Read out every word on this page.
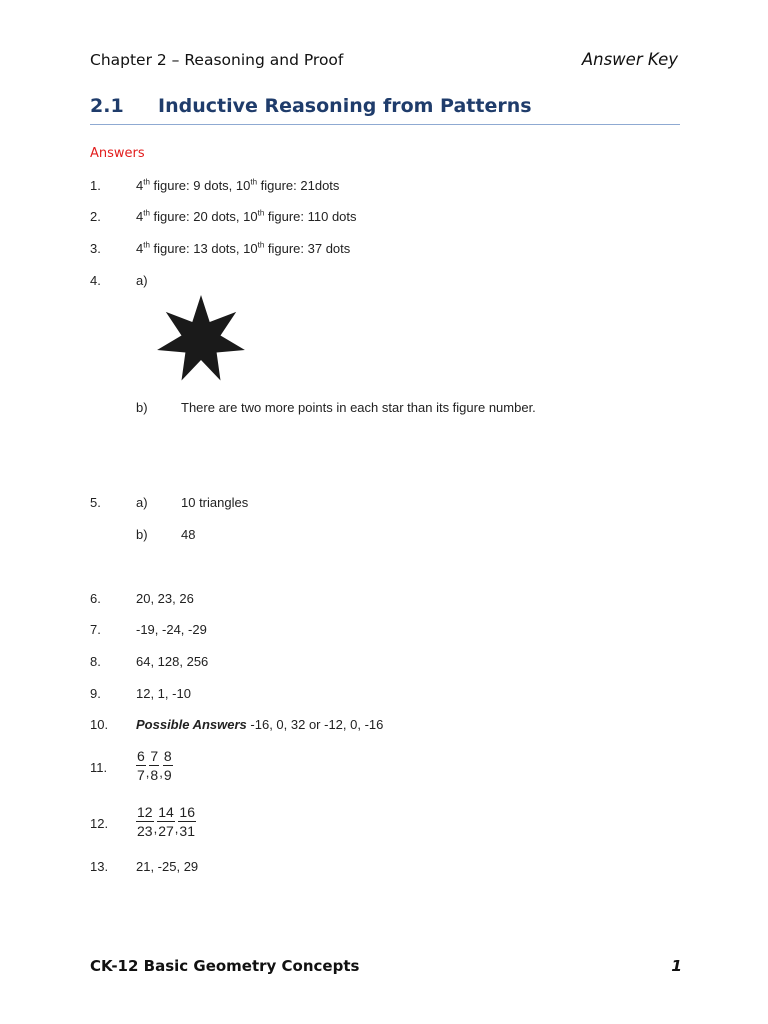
Chapter 2 – Reasoning and Proof	Answer Key
2.1 Inductive Reasoning from Patterns
Answers
1.	4th figure: 9 dots, 10th figure: 21dots
2.	4th figure: 20 dots, 10th figure: 110 dots
3.	4th figure: 13 dots, 10th figure: 37 dots
4.	a)
b)	There are two more points in each star than its figure number.
5.	a)	10 triangles
b)	48
6.	20, 23, 26
7.	-19, -24, -29
8.	64, 128, 256
9.	12, 1, -10
10. Possible Answers -16, 0, 32 or -12, 0, -16
11. $\frac{6}{7}$ , $\frac{7}{8}$ , $\frac{8}{9}$
12. $\frac{12}{23}$ , $\frac{14}{27}$ , $\frac{16}{31}$
13. 21, -25, 29
CK-12 Basic Geometry Concepts	1
